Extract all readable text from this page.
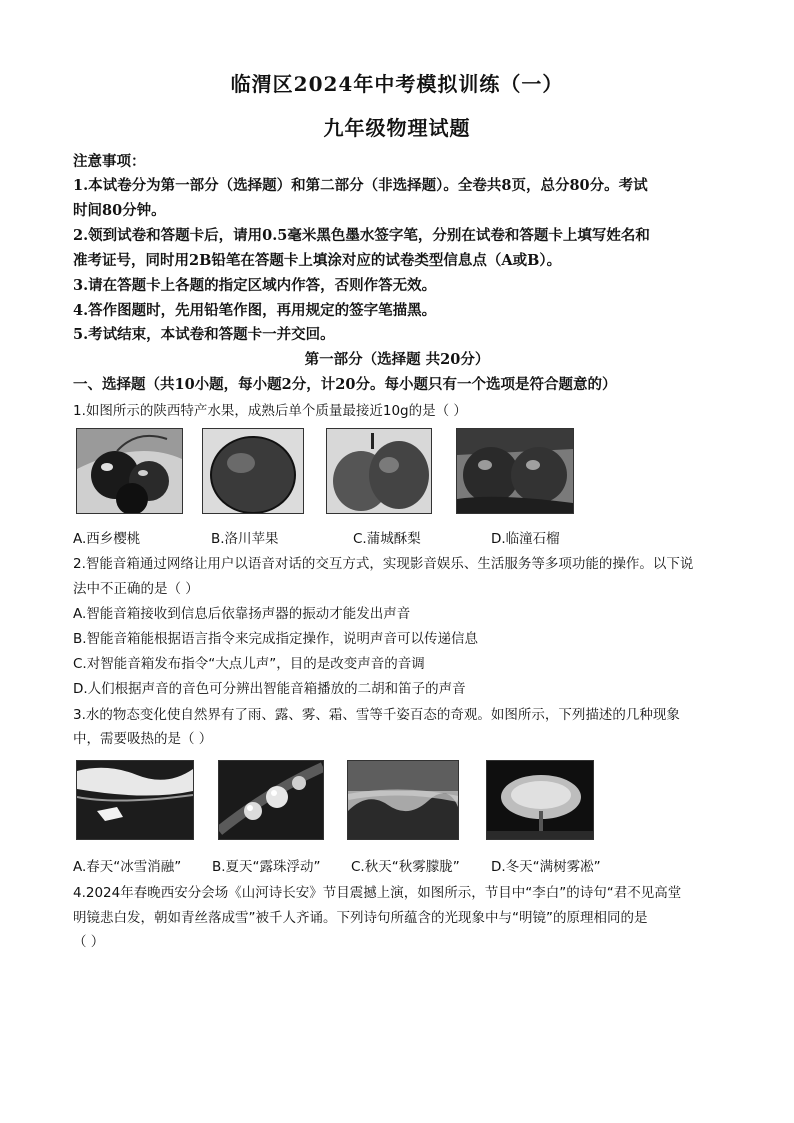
临渭区2024年中考模拟训练（一）
九年级物理试题
注意事项：
1.本试卷分为第一部分（选择题）和第二部分（非选择题）。全卷共8页，总分80分。考试
时间80分钟。
2.领到试卷和答题卡后，请用0.5毫米黑色墨水签字笔，分别在试卷和答题卡上填写姓名和
准考证号，同时用2B铅笔在答题卡上填涂对应的试卷类型信息点（A或B）。
3.请在答题卡上各题的指定区域内作答，否则作答无效。
4.答作图题时，先用铅笔作图，再用规定的签字笔描黑。
5.考试结束，本试卷和答题卡一并交回。
第一部分（选择题 共20分）
一、选择题（共10小题，每小题2分，计20分。每小题只有一个选项是符合题意的）
1.如图所示的陕西特产水果，成熟后单个质量最接近10g的是（ ）
A.西乡樱桃	B.洛川苹果	C.蒲城酥梨	D.临潼石榴
2.智能音箱通过网络让用户以语音对话的交互方式，实现影音娱乐、生活服务等多项功能的操作。以下说
法中不正确的是（ ）
A.智能音箱接收到信息后依靠扬声器的振动才能发出声音
B.智能音箱能根据语言指令来完成指定操作，说明声音可以传递信息
C.对智能音箱发布指令“大点儿声”，目的是改变声音的音调
D.人们根据声音的音色可分辨出智能音箱播放的二胡和笛子的声音
3.水的物态变化使自然界有了雨、露、雾、霜、雪等千姿百态的奇观。如图所示，下列描述的几种现象
中，需要吸热的是（ ）
A.春天“冰雪消融” B.夏天“露珠浮动” C.秋天“秋雾朦胧” D.冬天“满树雾凇”
4.2024年春晚西安分会场《山河诗长安》节目震撼上演，如图所示，节目中“李白”的诗句“君不见高堂
明镜悲白发，朝如青丝落成雪”被千人齐诵。下列诗句所蕴含的光现象中与“明镜”的原理相同的是
（ ）
